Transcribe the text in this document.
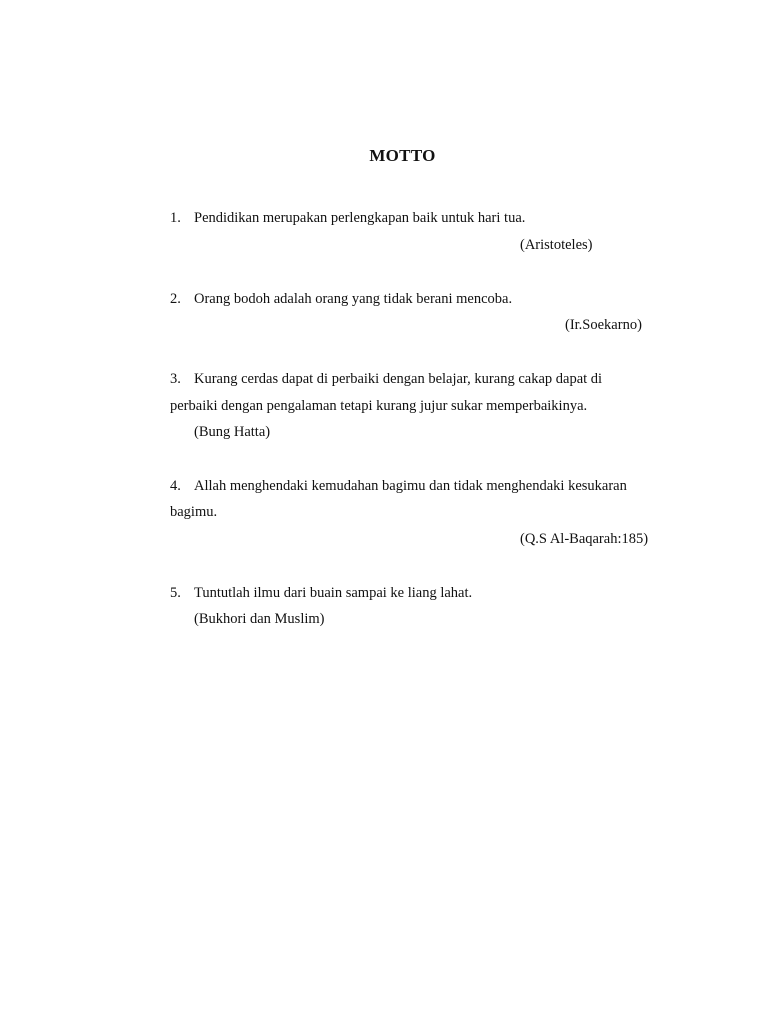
MOTTO
1. Pendidikan merupakan perlengkapan baik untuk hari tua.
(Aristoteles)
2. Orang bodoh adalah orang yang tidak berani mencoba.
(Ir.Soekarno)
3. Kurang cerdas dapat di perbaiki dengan belajar, kurang cakap dapat di
perbaiki dengan pengalaman tetapi kurang jujur sukar memperbaikinya.
(Bung Hatta)
4. Allah menghendaki kemudahan bagimu dan tidak menghendaki kesukaran
bagimu.
(Q.S Al-Baqarah:185)
5. Tuntutlah ilmu dari buain sampai ke liang lahat.
(Bukhori dan Muslim)
